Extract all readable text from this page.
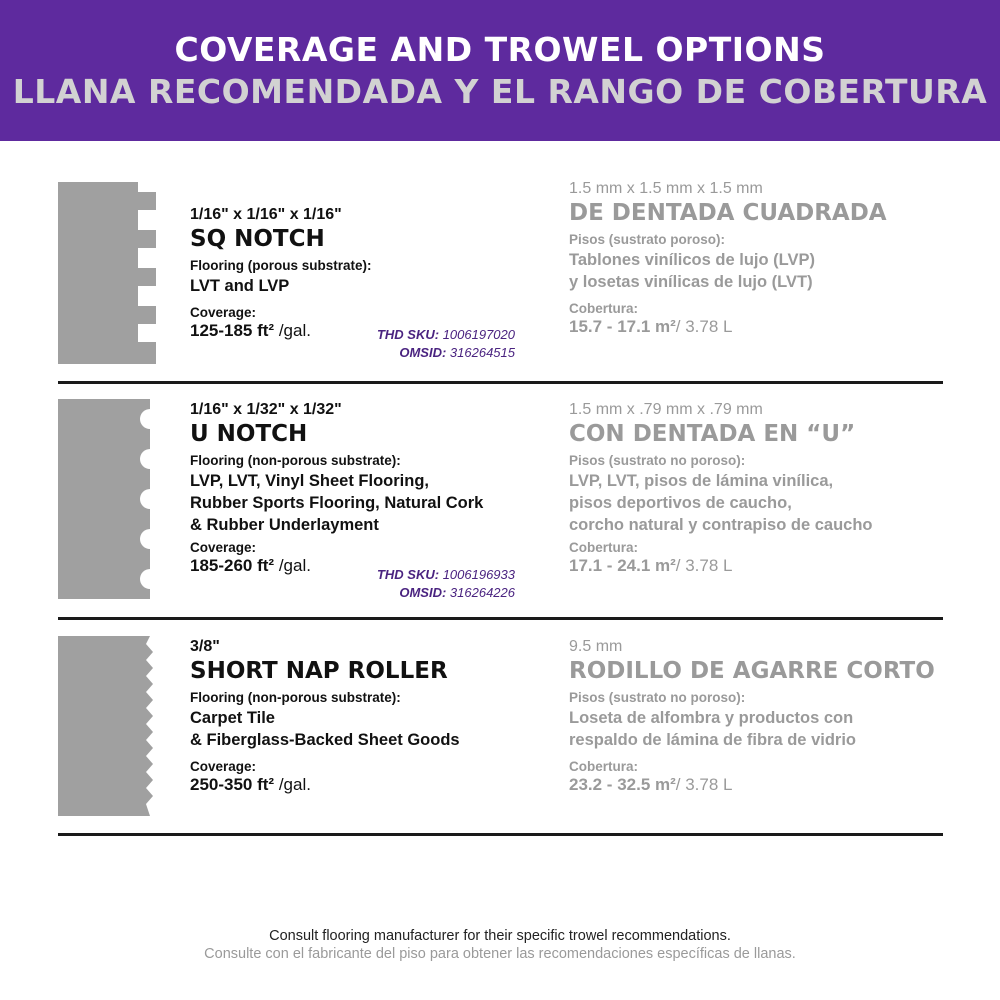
COVERAGE AND TROWEL OPTIONS
LLANA RECOMENDADA Y EL RANGO DE COBERTURA
1/16" x 1/16" x 1/16"
SQ NOTCH
Flooring (porous substrate):
LVT and LVP
Coverage:
125-185 ft² /gal.	THD SKU: 1006197020
OMSID: 316264515
1.5 mm x 1.5 mm x 1.5 mm
DE DENTADA CUADRADA
Pisos (sustrato poroso):
Tablones vinílicos de lujo (LVP)
y losetas vinílicas de lujo (LVT)
Cobertura:
15.7 - 17.1 m²/ 3.78 L
1/16" x 1/32" x 1/32"
U NOTCH
Flooring (non-porous substrate):
LVP, LVT, Vinyl Sheet Flooring,
Rubber Sports Flooring, Natural Cork
& Rubber Underlayment
Coverage:
185-260 ft² /gal.	THD SKU: 1006196933
OMSID: 316264226
1.5 mm x .79 mm x .79 mm
CON DENTADA EN “U”
Pisos (sustrato no poroso):
LVP, LVT, pisos de lámina vinílica,
pisos deportivos de caucho,
corcho natural y contrapiso de caucho
Cobertura:
17.1 - 24.1 m²/ 3.78 L
3/8"
SHORT NAP ROLLER
Flooring (non-porous substrate):
Carpet Tile
& Fiberglass-Backed Sheet Goods
Coverage:
250-350 ft² /gal.
9.5 mm
RODILLO DE AGARRE CORTO
Pisos (sustrato no poroso):
Loseta de alfombra y productos con
respaldo de lámina de fibra de vidrio
Cobertura:
23.2 - 32.5 m²/ 3.78 L
Consult flooring manufacturer for their specific trowel recommendations.
Consulte con el fabricante del piso para obtener las recomendaciones específicas de llanas.
